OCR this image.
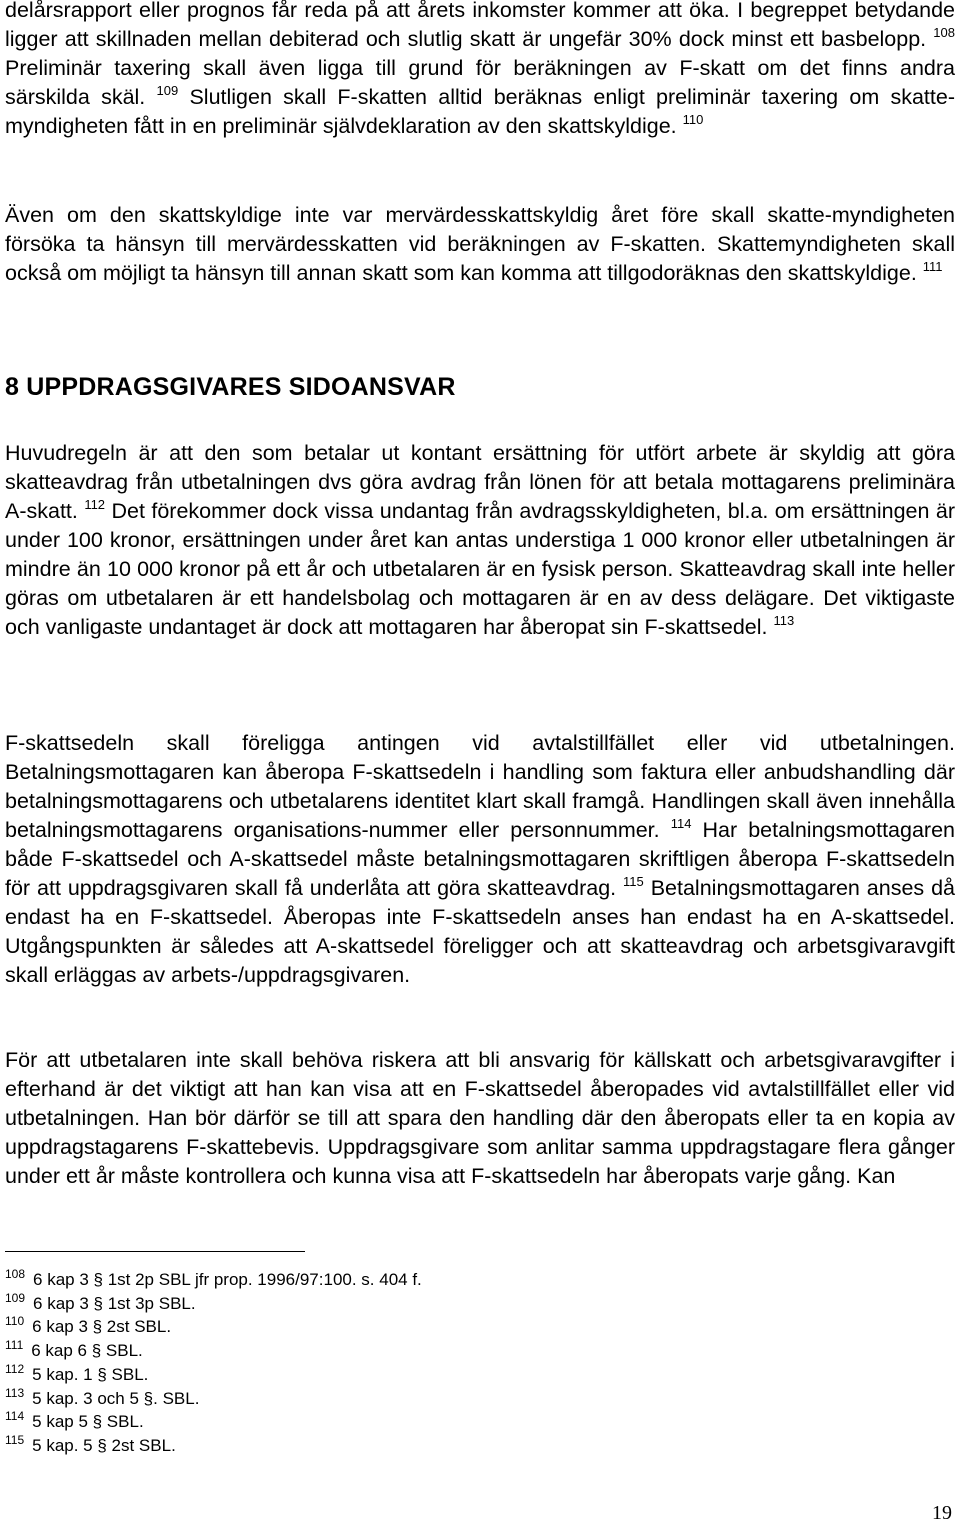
delårsrapport eller prognos får reda på att årets inkomster kommer att öka. I begreppet betydande ligger att skillnaden mellan debiterad och slutlig skatt är ungefär 30% dock minst ett basbelopp. $^{108}$ Preliminär taxering skall även ligga till grund för beräkningen av F-skatt om det finns andra särskilda skäl. $^{109}$ Slutligen skall F-skatten alltid beräknas enligt preliminär taxering om skatte-myndigheten fått in en preliminär självdeklaration av den skattskyldige. $^{110}$

Även om den skattskyldige inte var mervärdesskattskyldig året före skall skatte-myndigheten försöka ta hänsyn till mervärdesskatten vid beräkningen av F-skatten. Skattemyndigheten skall också om möjligt ta hänsyn till annan skatt som kan komma att tillgodoräknas den skattskyldige. $^{111}$

Huvudregeln är att den som betalar ut kontant ersättning för utfört arbete är skyldig att göra skatteavdrag från utbetalningen dvs göra avdrag från lönen för att betala mottagarens preliminära A-skatt. $^{112}$ Det förekommer dock vissa undantag från avdragsskyldigheten, bl.a. om ersättningen är under 100 kronor, ersättningen under året kan antas understiga 1 000 kronor eller utbetalningen är mindre än 10 000 kronor på ett år och utbetalaren är en fysisk person. Skatteavdrag skall inte heller göras om utbetalaren är ett handelsbolag och mottagaren är en av dess delägare. Det viktigaste och vanligaste undantaget är dock att mottagaren har åberopat sin F-skattsedel. $^{113}$

F-skattsedeln skall föreligga antingen vid avtalstillfället eller vid utbetalningen. Betalningsmottagaren kan åberopa F-skattsedeln i handling som faktura eller anbudshandling där betalningsmottagarens och utbetalarens identitet klart skall framgå. Handlingen skall även innehålla betalningsmottagarens organisations-nummer eller personnummer. $^{114}$ Har betalningsmottagaren både F-skattsedel och A-skattsedel måste betalningsmottagaren skriftligen åberopa F-skattsedeln för att uppdragsgivaren skall få underlåta att göra skatteavdrag. $^{115}$ Betalningsmottagaren anses då endast ha en F-skattsedel. Åberopas inte F-skattsedeln anses han endast ha en A-skattsedel. Utgångspunkten är således att A-skattsedel föreligger och att skatteavdrag och arbetsgivaravgift skall erläggas av arbets-/uppdragsgivaren.

För att utbetalaren inte skall behöva riskera att bli ansvarig för källskatt och arbetsgivaravgifter i efterhand är det viktigt att han kan visa att en F-skattsedel åberopades vid avtalstillfället eller vid utbetalningen. Han bör därför se till att spara den handling där den åberopats eller ta en kopia av uppdragstagarens F-skattebevis. Uppdragsgivare som anlitar samma uppdragstagare flera gånger under ett år måste kontrollera och kunna visa att F-skattsedeln har åberopats varje gång. Kan

8 UPPDRAGSGIVARES SIDOANSVAR
$^{108}$ 6 kap 3 § 1st 2p SBL jfr prop. 1996/97:100. s. 404 f.
$^{109}$ 6 kap 3 § 1st 3p SBL.
$^{110}$ 6 kap 3 § 2st SBL.
$^{111}$ 6 kap 6 § SBL.
$^{112}$ 5 kap. 1 § SBL.
$^{113}$ 5 kap. 3 och 5 §. SBL.
$^{114}$ 5 kap 5 § SBL.
$^{115}$ 5 kap. 5 § 2st SBL.
19
